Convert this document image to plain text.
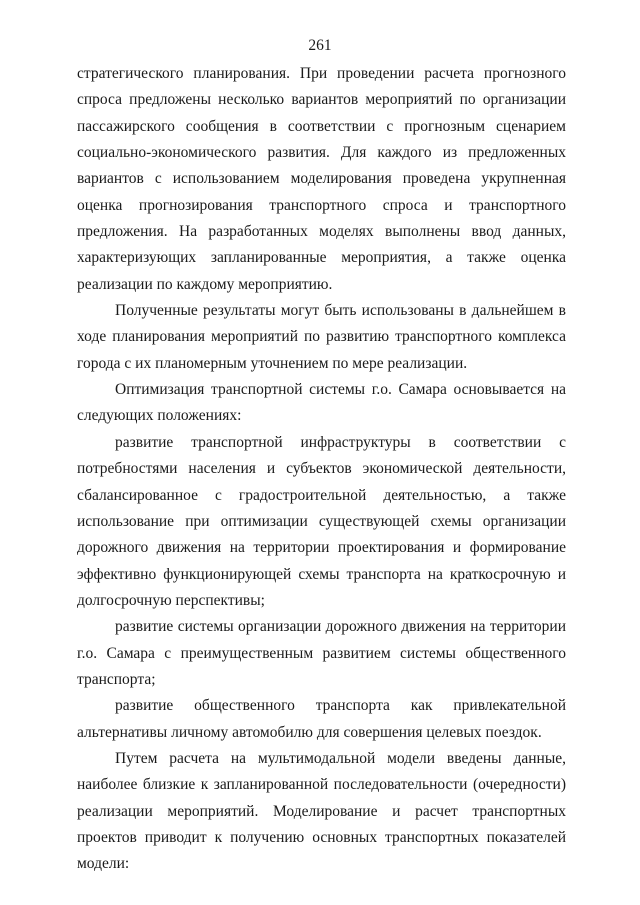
261

стратегического планирования. При проведении расчета прогнозного спроса предложены несколько вариантов мероприятий по организации пассажирского сообщения в соответствии с прогнозным сценарием социально-экономического развития. Для каждого из предложенных вариантов с использованием моделирования проведена укрупненная оценка прогнозирования транспортного спроса и транспортного предложения. На разработанных моделях выполнены ввод данных, характеризующих запланированные мероприятия, а также оценка реализации по каждому мероприятию.

Полученные результаты могут быть использованы в дальнейшем в ходе планирования мероприятий по развитию транспортного комплекса города с их планомерным уточнением по мере реализации.

Оптимизация транспортной системы г.о. Самара основывается на следующих положениях:

развитие транспортной инфраструктуры в соответствии с потребностями населения и субъектов экономической деятельности, сбалансированное с градостроительной деятельностью, а также использование при оптимизации существующей схемы организации дорожного движения на территории проектирования и формирование эффективно функционирующей схемы транспорта на краткосрочную и долгосрочную перспективы;

развитие системы организации дорожного движения на территории г.о. Самара с преимущественным развитием системы общественного транспорта;

развитие общественного транспорта как привлекательной альтернативы личному автомобилю для совершения целевых поездок.

Путем расчета на мультимодальной модели введены данные, наиболее близкие к запланированной последовательности (очередности) реализации мероприятий. Моделирование и расчет транспортных проектов приводит к получению основных транспортных показателей модели:
